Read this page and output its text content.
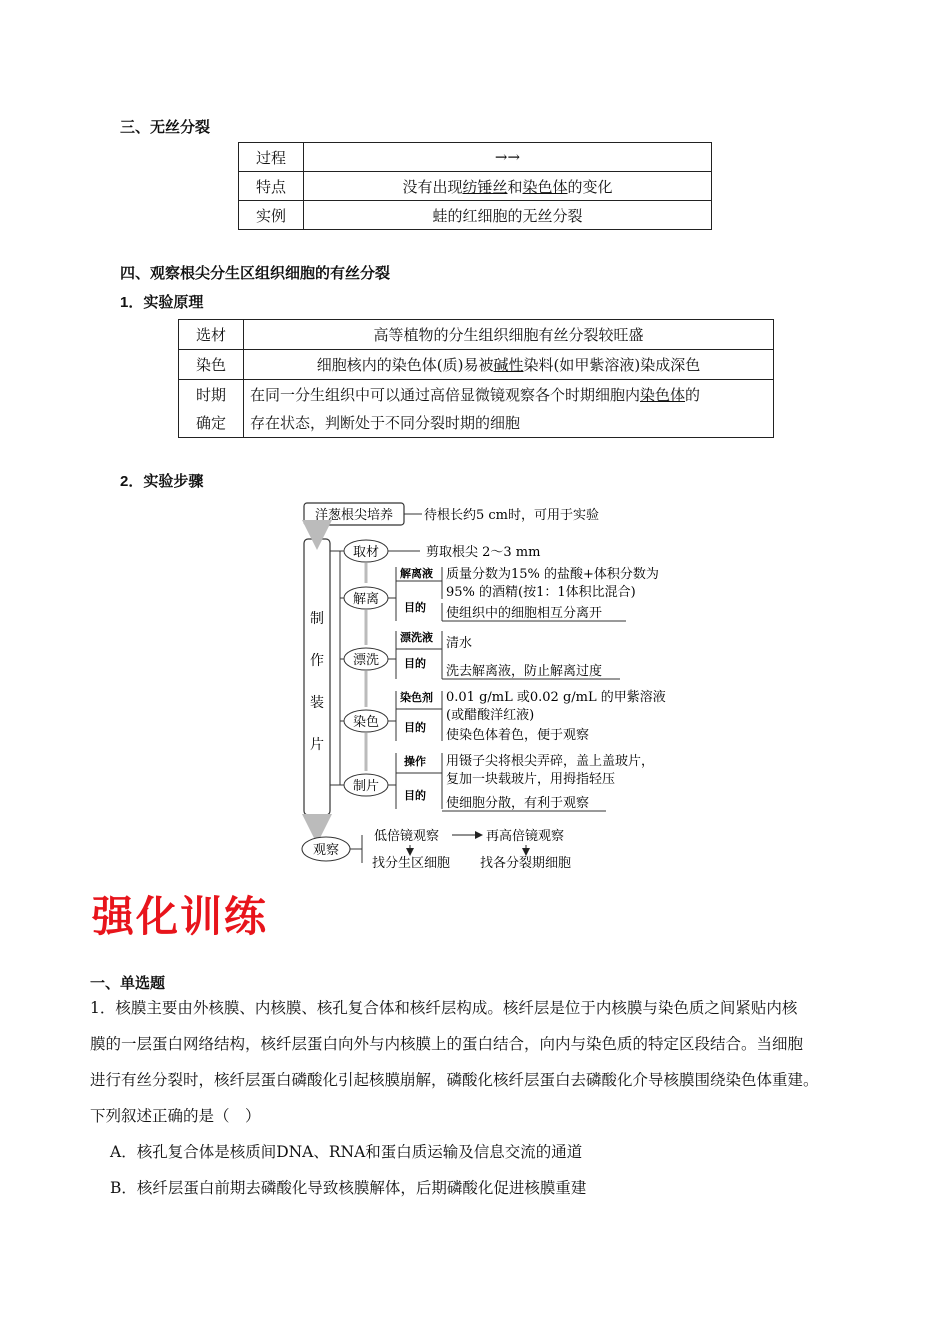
三、无丝分裂
过程	→→
特点	没有出现纺锤丝和染色体的变化
实例	蛙的红细胞的无丝分裂
四、观察根尖分生区组织细胞的有丝分裂
1．实验原理
选材	高等植物的分生组织细胞有丝分裂较旺盛
染色	细胞核内的染色体(质)易被碱性染料(如甲紫溶液)染成深色
时期
确定	在同一分生组织中可以通过高倍显微镜观察各个时期细胞内染色体的
存在状态，判断处于不同分裂时期的细胞
2．实验步骤
洋葱根尖培养 待根长约5 cm时，可用于实验
制
作
装
片
取材	剪取根尖 2～3 mm
解离
解离液 质量分数为15% 的盐酸+体积分数为
95% 的酒精(按1：1体积比混合)
目的 使组织中的细胞相互分离开
漂洗
漂洗液 清水
目的
洗去解离液，防止解离过度
染色
染色剂 0.01 g/mL 或0.02 g/mL 的甲紫溶液
(或醋酸洋红液)
目的
使染色体着色，便于观察
制片
操作 用镊子尖将根尖弄碎，盖上盖玻片，
复加一块载玻片，用拇指轻压
目的
使细胞分散，有利于观察
观察
低倍镜观察	再高倍镜观察
找分生区细胞 找各分裂期细胞
强化训练
一、单选题
1．核膜主要由外核膜、内核膜、核孔复合体和核纤层构成。核纤层是位于内核膜与染色质之间紧贴内核
膜的一层蛋白网络结构，核纤层蛋白向外与内核膜上的蛋白结合，向内与染色质的特定区段结合。当细胞
进行有丝分裂时，核纤层蛋白磷酸化引起核膜崩解，磷酸化核纤层蛋白去磷酸化介导核膜围绕染色体重建。
下列叙述正确的是（　）
A．核孔复合体是核质间DNA、RNA和蛋白质运输及信息交流的通道
B．核纤层蛋白前期去磷酸化导致核膜解体，后期磷酸化促进核膜重建
